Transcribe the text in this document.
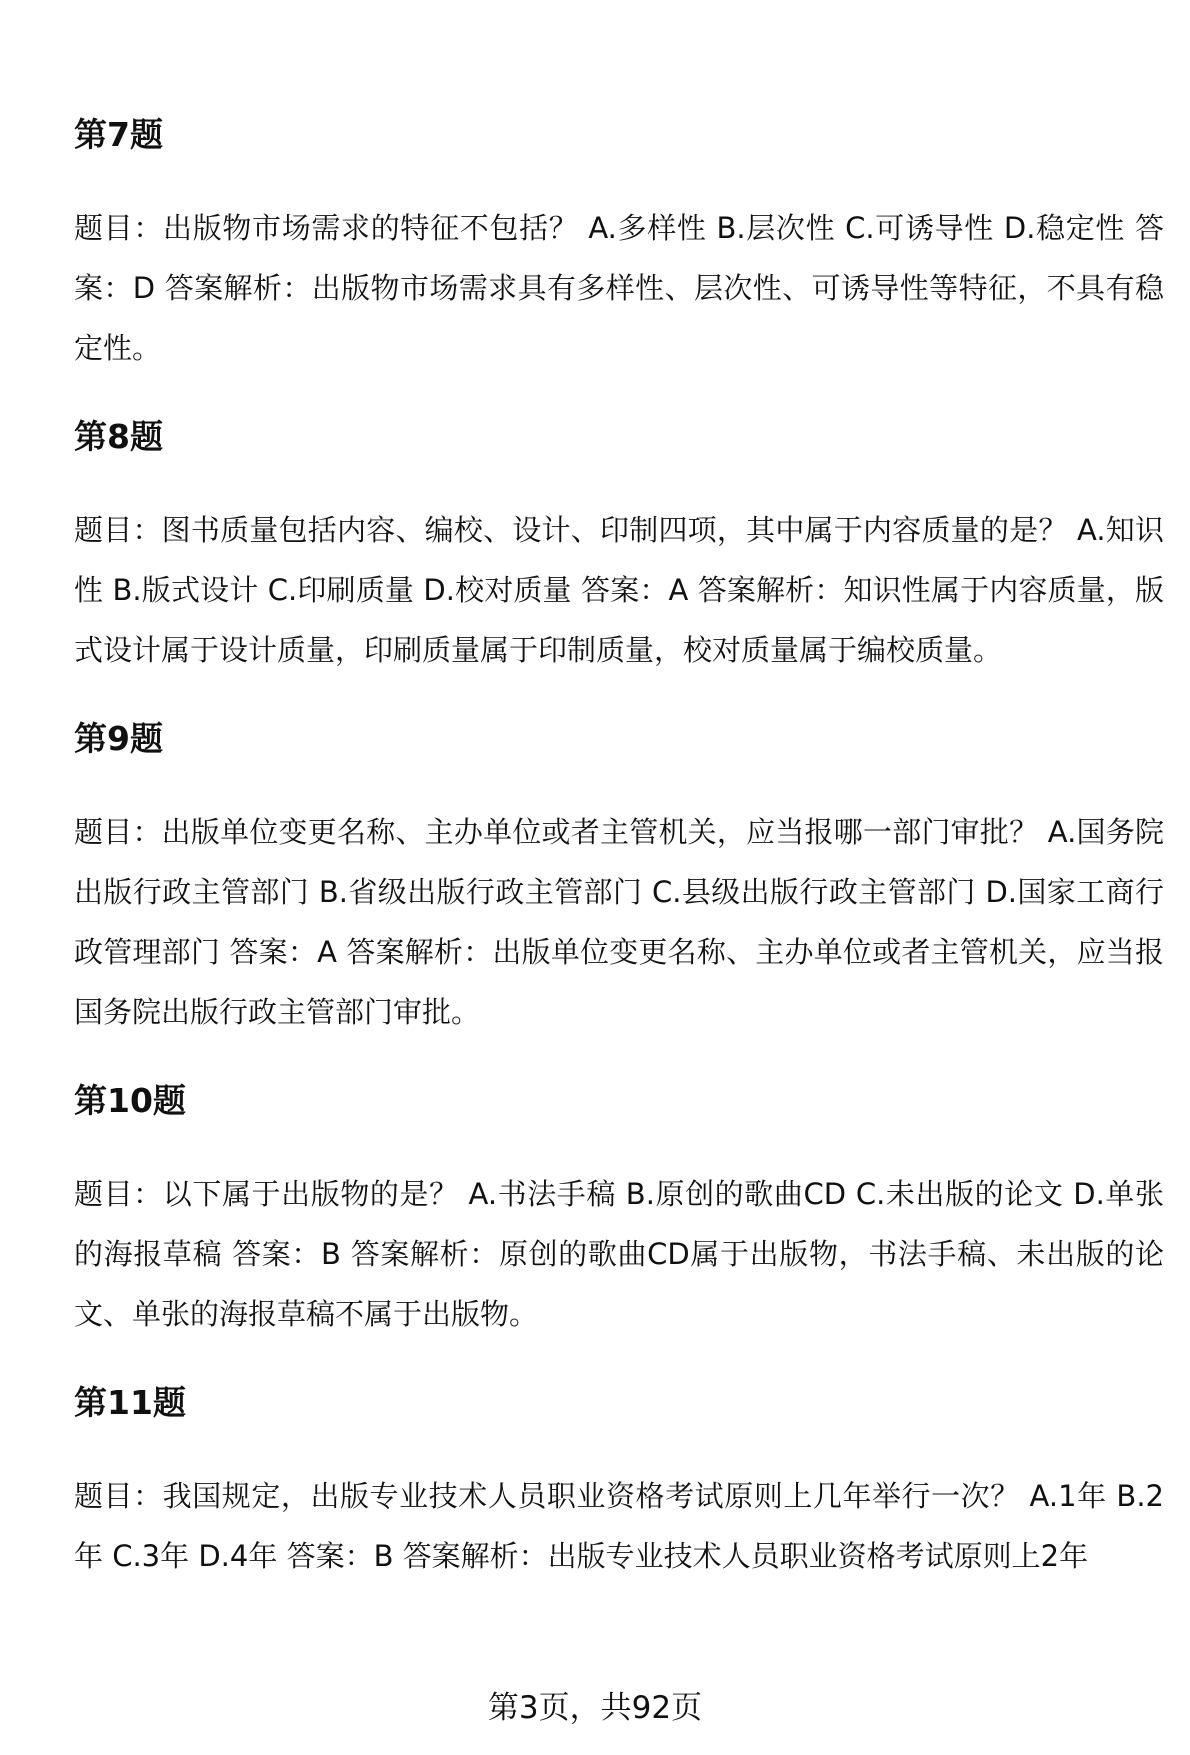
第7题
题目：出版物市场需求的特征不包括？ A.多样性 B.层次性 C.可诱导性 D.稳定性 答案：D 答案解析：出版物市场需求具有多样性、层次性、可诱导性等特征，不具有稳定性。
第8题
题目：图书质量包括内容、编校、设计、印制四项，其中属于内容质量的是？ A.知识性 B.版式设计 C.印刷质量 D.校对质量 答案：A 答案解析：知识性属于内容质量，版式设计属于设计质量，印刷质量属于印制质量，校对质量属于编校质量。
第9题
题目：出版单位变更名称、主办单位或者主管机关，应当报哪一部门审批？ A.国务院出版行政主管部门 B.省级出版行政主管部门 C.县级出版行政主管部门 D.国家工商行政管理部门 答案：A 答案解析：出版单位变更名称、主办单位或者主管机关，应当报国务院出版行政主管部门审批。
第10题
题目：以下属于出版物的是？ A.书法手稿 B.原创的歌曲CD C.未出版的论文 D.单张的海报草稿 答案：B 答案解析：原创的歌曲CD属于出版物，书法手稿、未出版的论文、单张的海报草稿不属于出版物。
第11题
题目：我国规定，出版专业技术人员职业资格考试原则上几年举行一次？ A.1年 B.2年 C.3年 D.4年 答案：B 答案解析：出版专业技术人员职业资格考试原则上2年
第3页，共92页
